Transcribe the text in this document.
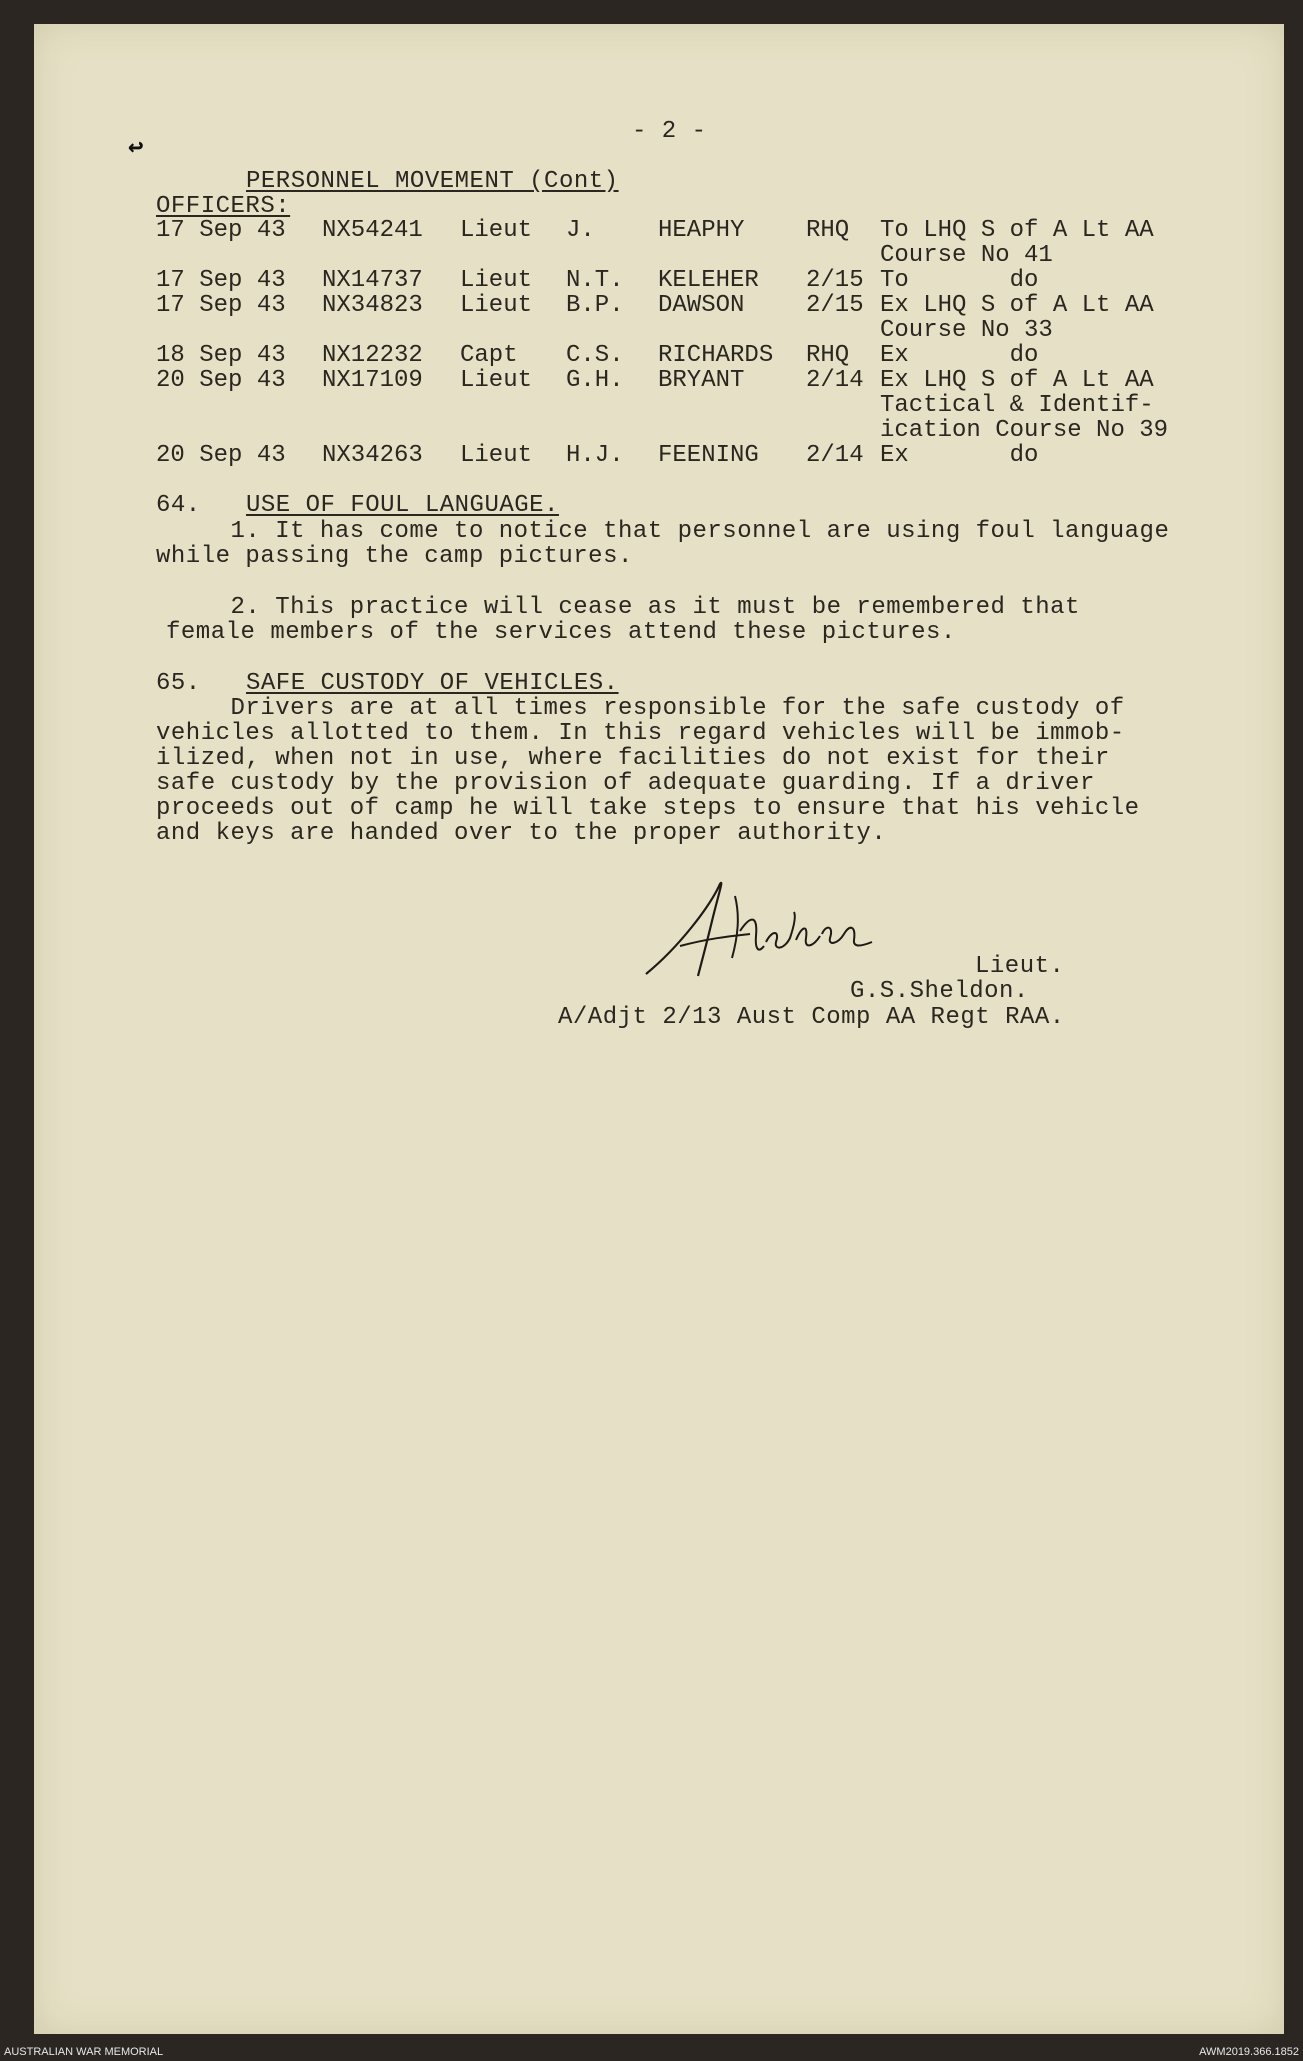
↩
- 2 -
PERSONNEL MOVEMENT (Cont)
OFFICERS:
17 Sep 43	NX54241	Lieut	J.	HEAPHY	RHQ	To LHQ S of A Lt AA
Course No 41

17 Sep 43	NX14737	Lieut	N.T.	KELEHER	2/15	To       do

17 Sep 43	NX34823	Lieut	B.P.	DAWSON	2/15	Ex LHQ S of A Lt AA
Course No 33

18 Sep 43	NX12232	Capt	C.S.	RICHARDS	RHQ	Ex       do

20 Sep 43	NX17109	Lieut	G.H.	BRYANT	2/14	Ex LHQ S of A Lt AA
Tactical & Identif-
ication Course No 39

20 Sep 43	NX34263	Lieut	H.J.	FEENING	2/14	Ex       do
64. USE OF FOUL LANGUAGE.
1. It has come to notice that personnel are using foul language
while passing the camp pictures.
2. This practice will cease as it must be remembered that
female members of the services attend these pictures.
65. SAFE CUSTODY OF VEHICLES.
Drivers are at all times responsible for the safe custody of
vehicles allotted to them. In this regard vehicles will be immob-
ilized, when not in use, where facilities do not exist for their
safe custody by the provision of adequate guarding. If a driver
proceeds out of camp he will take steps to ensure that his vehicle
and keys are handed over to the proper authority.
Lieut.
G.S.Sheldon.
A/Adjt 2/13 Aust Comp AA Regt RAA.
AUSTRALIAN WAR MEMORIAL	AWM2019.366.1852
